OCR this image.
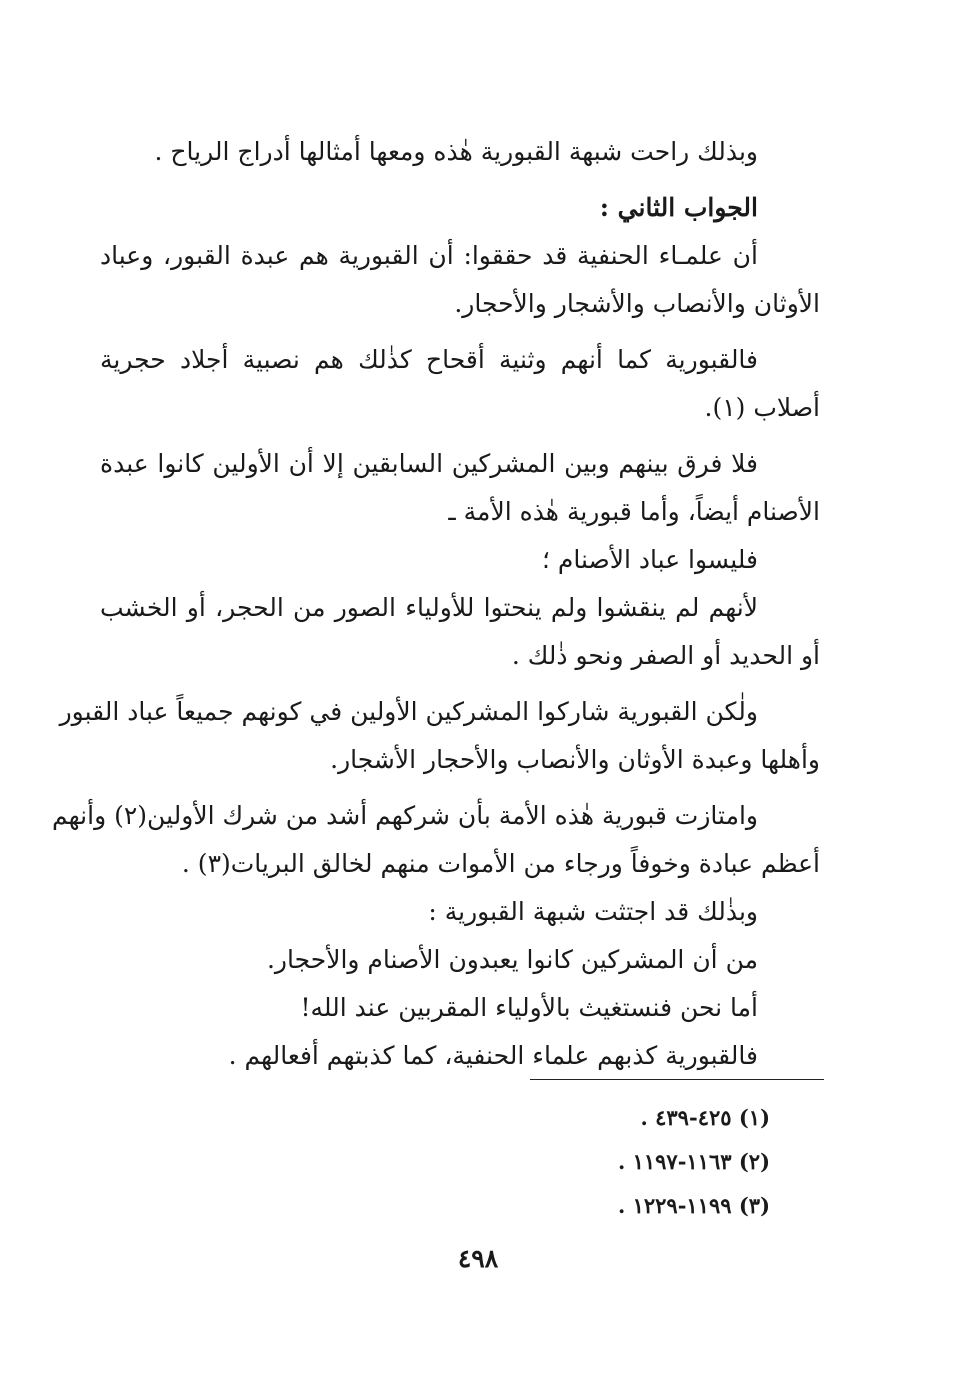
وبذلك راحت شبهة القبورية هٰذه ومعها أمثالها أدراج الرياح .
الجواب الثاني :
أن علمـاء الحنفية قد حققوا: أن القبورية هم عبدة القبور، وعباد
الأوثان والأنصاب والأشجار والأحجار.
فالقبورية كما أنهم وثنية أقحاح كذٰلك هم نصبية أجلاد حجرية
أصلاب (١).
فلا فرق بينهم وبين المشركين السابقين إلا أن الأولين كانوا عبدة
الأصنام أيضاً، وأما قبورية هٰذه الأمة ـ
فليسوا عباد الأصنام ؛
لأنهم لم ينقشوا ولم ينحتوا للأولياء الصور من الحجر، أو الخشب
أو الحديد أو الصفر ونحو ذٰلك .
ولٰكن القبورية شاركوا المشركين الأولين في كونهم جميعاً عباد القبور
وأهلها وعبدة الأوثان والأنصاب والأحجار الأشجار.
وامتازت قبورية هٰذه الأمة بأن شركهم أشد من شرك الأولين(٢) وأنهم
أعظم عبادة وخوفاً ورجاء من الأموات منهم لخالق البريات(٣) .
وبذٰلك قد اجتثت شبهة القبورية :
من أن المشركين كانوا يعبدون الأصنام والأحجار.
أما نحن فنستغيث بالأولياء المقربين عند الله!
فالقبورية كذبهم علماء الحنفية، كما كذبتهم أفعالهم .
(١) ٤٢٥-٤٣٩ .
(٢) ١١٦٣-١١٩٧ .
(٣) ١١٩٩-١٢٢٩ .
٤٩٨
